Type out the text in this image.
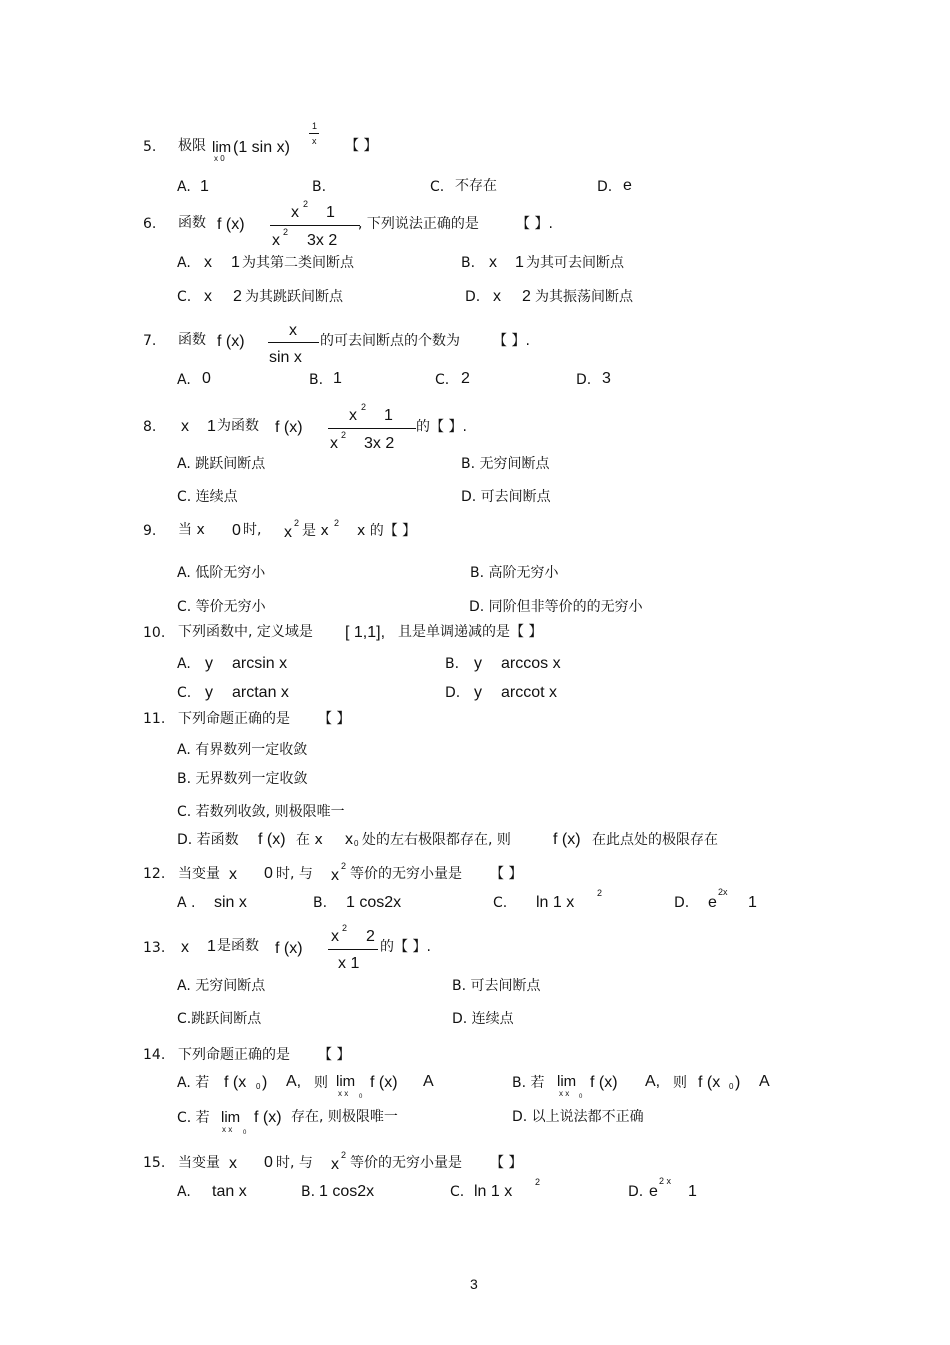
5. 极限 lim
x 0
(1 sin x)
1
x 【 】
A. 1	B.	C. 不存在	D. e
6. 函数 f (x)
x 2 1
x 2 3x 2
, 下列说法正确的是	【 】.
A. x 1 为其第二类间断点	B. x 1 为其可去间断点
C. x 2 为其跳跃间断点	D. x 2 为其振荡间断点
7. 函数 f (x)
x
sin x
的可去间断点的个数为 【 】.
A. 0	B. 1	C. 2	D. 3
8. x 1 为函数 f (x)
x 2 1
x 2 3x 2
的【 】.
A. 跳跃间断点	B. 无穷间断点
C. 连续点	D. 可去间断点
9. 当 x 0 时, x
2 是 x 2 x 的【 】
A. 低阶无穷小	B. 高阶无穷小
C. 等价无穷小	D. 同阶但非等价的的无穷小
10. 下列函数中, 定义域是 [ 1,1], 且是单调递减的是【 】
A. y arcsin x	B. y arccos x
C. y arctan x	D. y arccot x
11. 下列命题正确的是 【 】
A. 有界数列一定收敛
B. 无界数列一定收敛
C. 若数列收敛, 则极限唯一
D. 若函数 f (x) 在 x x 0 处的左右极限都存在, 则	f (x) 在此点处的极限存在
12. 当变量 x 0 时, 与 x
2 等价的无穷小量是 【 】
A . sin x	B. 1 cos2x	C. ln 1 x
2
D. e
2x
1
13. x 1 是函数 f (x)
x 2 2
x 1
的【 】.
A. 无穷间断点	B. 可去间断点
C.跳跃间断点	D. 连续点
14. 下列命题正确的是 【 】
A. 若 f (x 0 ) A, 则 lim
x x 0
f (x) A	B. 若 lim
x x 0
f (x) A, 则 f (x 0 ) A
C. 若 lim
x x 0
f (x) 存在, 则极限唯一	D. 以上说法都不正确
15. 当变量 x 0 时, 与 x
2 等价的无穷小量是 【 】
A. tan x	B. 1 cos2x	C. ln 1 x
2
D. e
2 x
1
3
